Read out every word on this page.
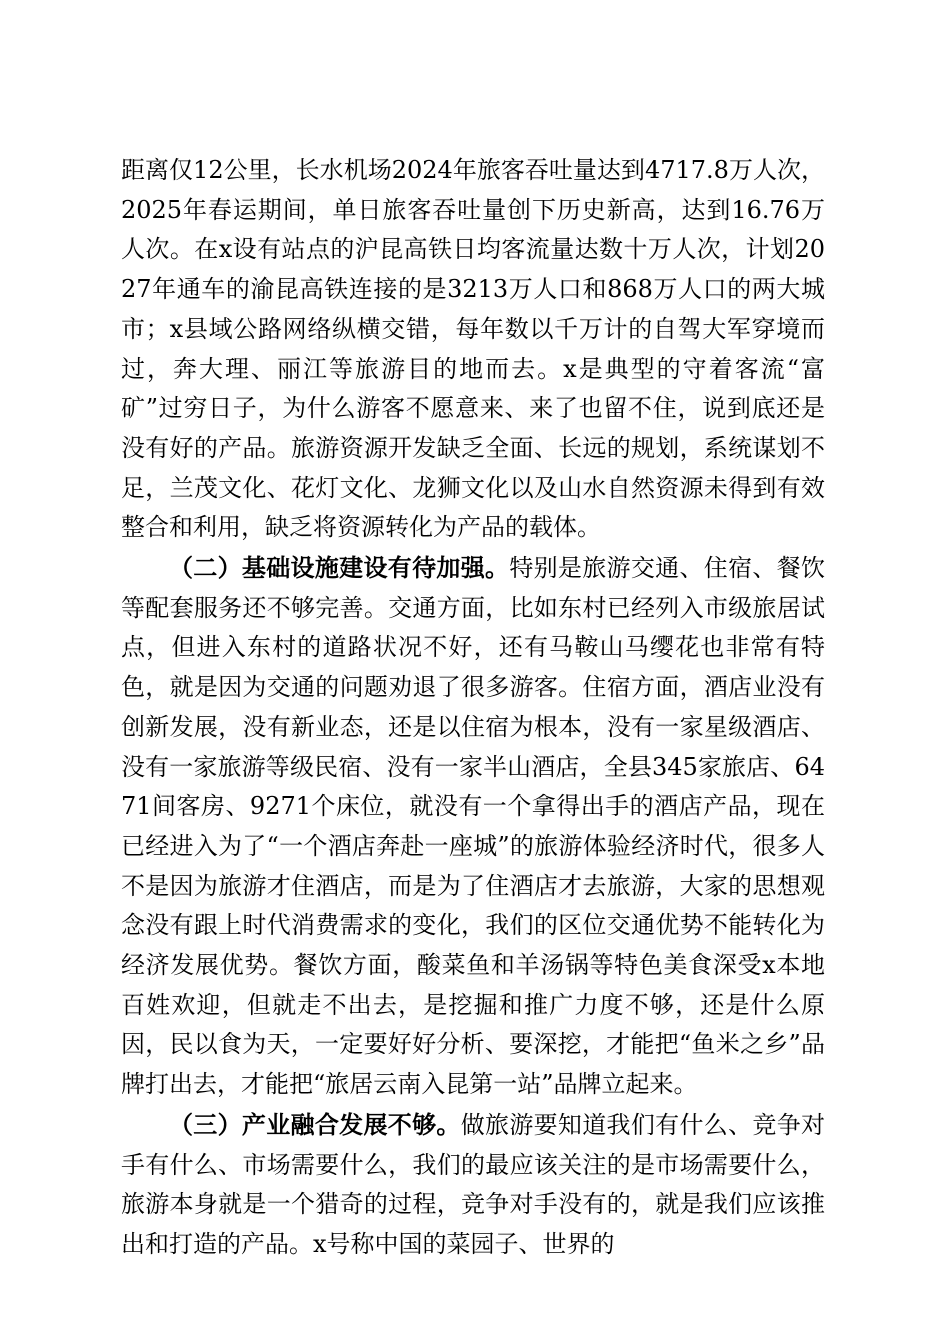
距离仅12公里，长水机场2024年旅客吞吐量达到4717.8万人次，2025年春运期间，单日旅客吞吐量创下历史新高，达到16.76万人次。在x设有站点的沪昆高铁日均客流量达数十万人次，计划2027年通车的渝昆高铁连接的是3213万人口和868万人口的两大城市；x县域公路网络纵横交错，每年数以千万计的自驾大军穿境而过，奔大理、丽江等旅游目的地而去。x是典型的守着客流“富矿”过穷日子，为什么游客不愿意来、来了也留不住，说到底还是没有好的产品。旅游资源开发缺乏全面、长远的规划，系统谋划不足，兰茂文化、花灯文化、龙狮文化以及山水自然资源未得到有效整合和利用，缺乏将资源转化为产品的载体。

（二）基础设施建设有待加强。特别是旅游交通、住宿、餐饮等配套服务还不够完善。交通方面，比如东村已经列入市级旅居试点，但进入东村的道路状况不好，还有马鞍山马缨花也非常有特色，就是因为交通的问题劝退了很多游客。住宿方面，酒店业没有创新发展，没有新业态，还是以住宿为根本，没有一家星级酒店、没有一家旅游等级民宿、没有一家半山酒店，全县345家旅店、6471间客房、9271个床位，就没有一个拿得出手的酒店产品，现在已经进入为了“一个酒店奔赴一座城”的旅游体验经济时代，很多人不是因为旅游才住酒店，而是为了住酒店才去旅游，大家的思想观念没有跟上时代消费需求的变化，我们的区位交通优势不能转化为经济发展优势。餐饮方面，酸菜鱼和羊汤锅等特色美食深受x本地百姓欢迎，但就走不出去，是挖掘和推广力度不够，还是什么原因，民以食为天，一定要好好分析、要深挖，才能把“鱼米之乡”品牌打出去，才能把“旅居云南入昆第一站”品牌立起来。

（三）产业融合发展不够。做旅游要知道我们有什么、竞争对手有什么、市场需要什么，我们的最应该关注的是市场需要什么，旅游本身就是一个猎奇的过程，竞争对手没有的，就是我们应该推出和打造的产品。x号称中国的菜园子、世界的
